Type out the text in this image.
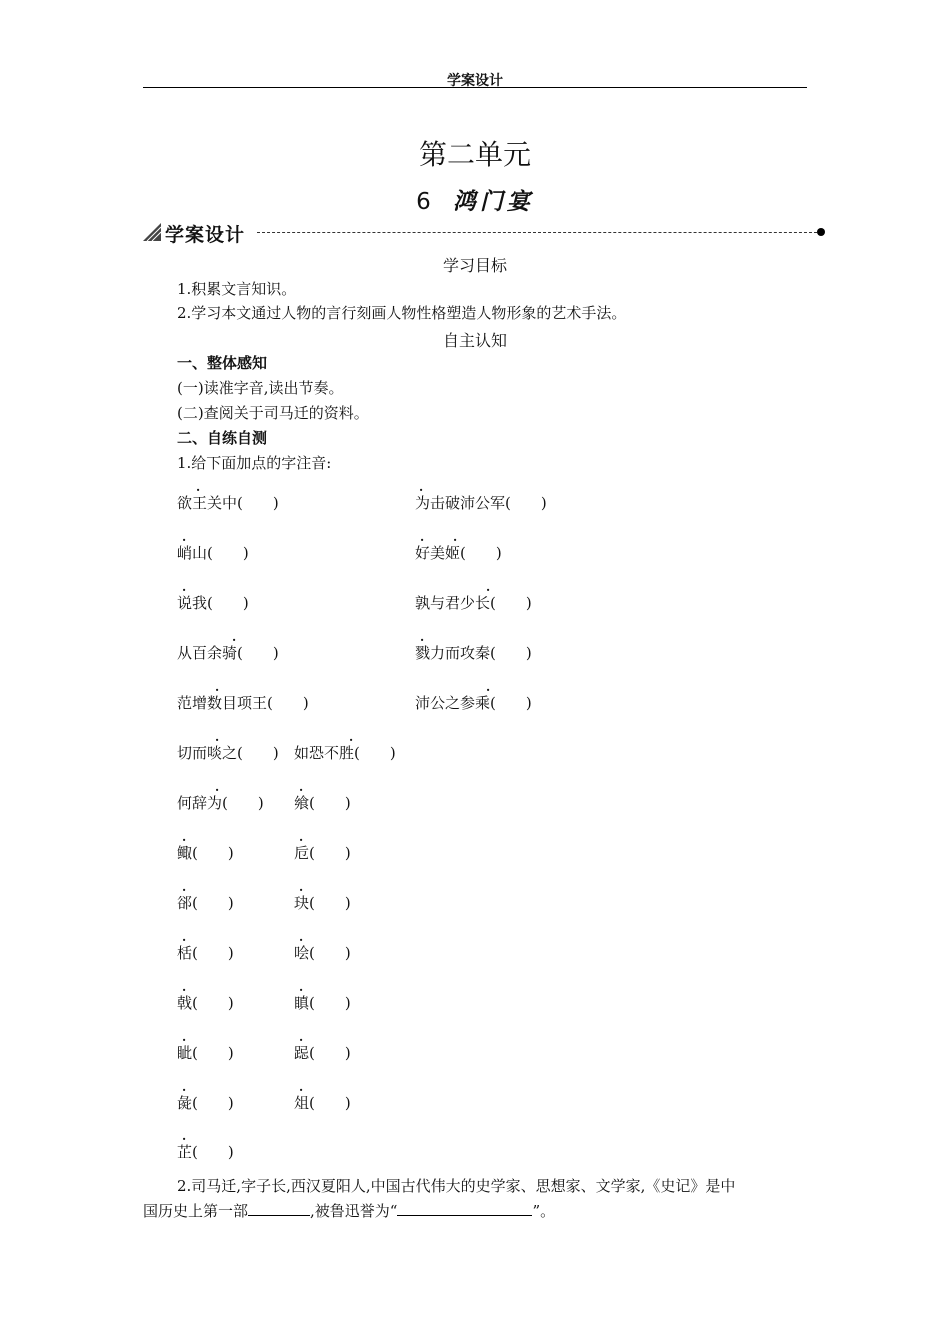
学案设计
第二单元
6 鸿门宴
学案设计
学习目标
1.积累文言知识。
2.学习本文通过人物的言行刻画人物性格塑造人物形象的艺术手法。
自主认知
一、整体感知
(一)读准字音,读出节奏。
(二)查阅关于司马迁的资料。
二、自练自测
1.给下面加点的字注音:
.
欲王关中(　　)
.
为击破沛公军(　　)
.
峭山(　　)
. .
好美姬(　　)
.
说我(　　)
.
孰与君少长(　　)
.
从百余骑(　　)
.
戮力而攻秦(　　)
.
范增数目项王(　　)
.
沛公之参乘(　　)
.
切而啖之(　　)
.
如恐不胜(　　)
.
何辞为(　　)
.
飨(　　)
.
鲰(　　)
.
卮(　　)
.
郤(　　)
.
玦(　　)
.
栝(　　)
.
哙(　　)
.
戟(　　)
.
瞋(　　)
.
眦(　　)
.
跽(　　)
.
彘(　　)
.
俎(　　)
.
芷(　　)
2.司马迁,字子长,西汉夏阳人,中国古代伟大的史学家、思想家、文学家,《史记》是中
国历史上第一部	,被鲁迅誉为“	”。
